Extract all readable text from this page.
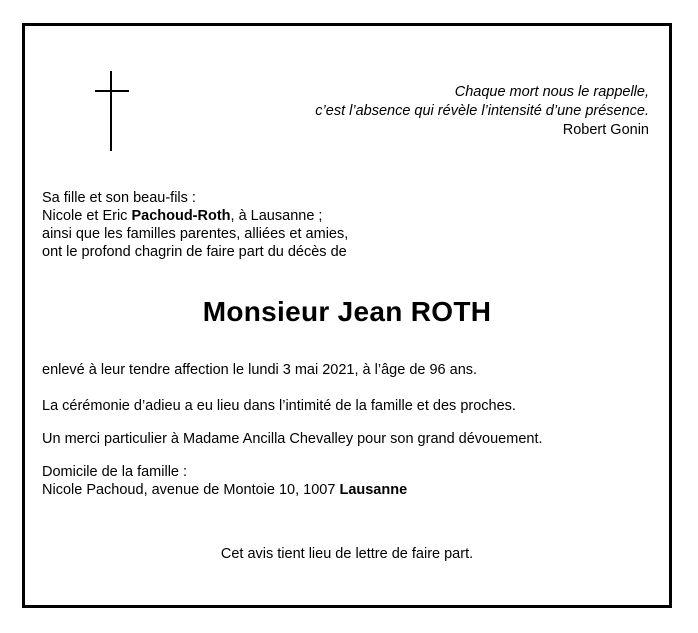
Chaque mort nous le rappelle,
c’est l’absence qui révèle l’intensité d’une présence.
Robert Gonin
Sa fille et son beau-fils :
Nicole et Eric Pachoud-Roth, à Lausanne ;
ainsi que les familles parentes, alliées et amies,
ont le profond chagrin de faire part du décès de
Monsieur Jean ROTH
enlevé à leur tendre affection le lundi 3 mai 2021, à l’âge de 96 ans.
La cérémonie d’adieu a eu lieu dans l’intimité de la famille et des proches.
Un merci particulier à Madame Ancilla Chevalley pour son grand dévouement.
Domicile de la famille :
Nicole Pachoud, avenue de Montoie 10, 1007 Lausanne
Cet avis tient lieu de lettre de faire part.
